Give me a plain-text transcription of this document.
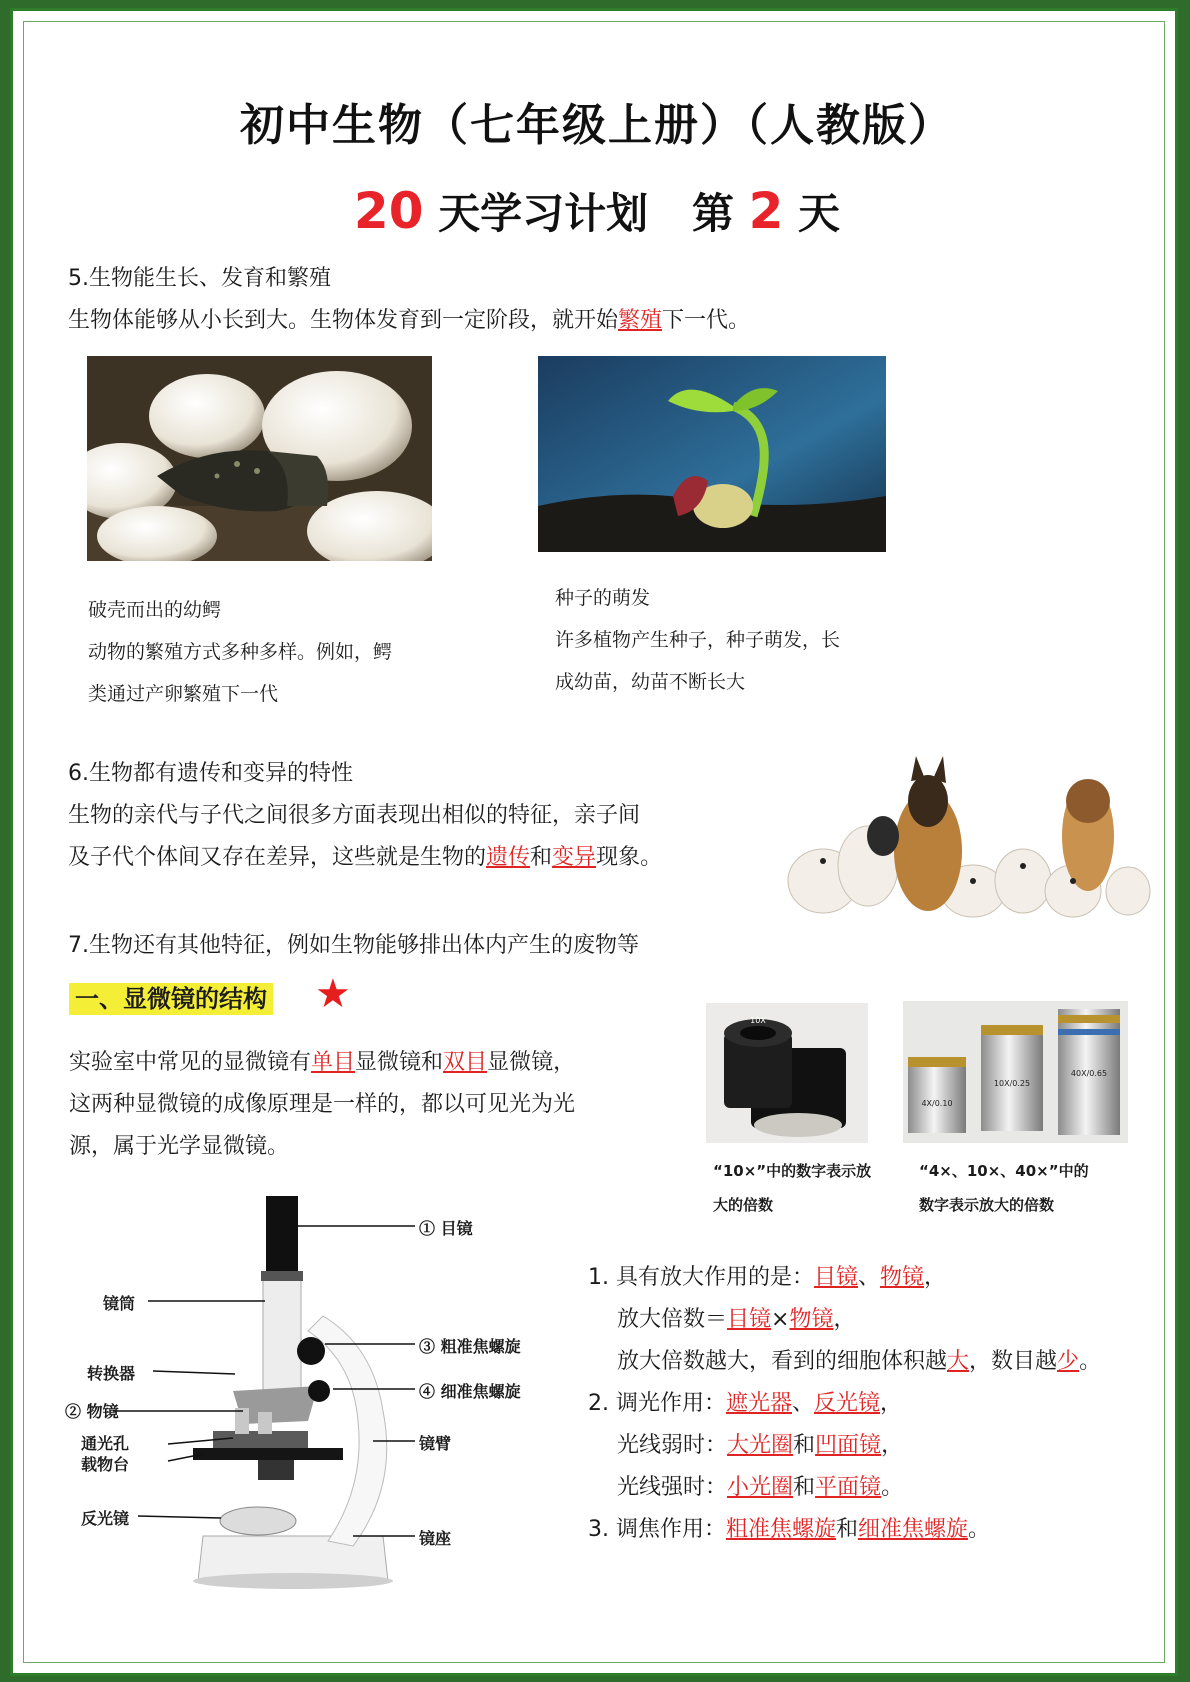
初中生物（七年级上册）（人教版）
20 天学习计划   第 2 天
5.生物能生长、发育和繁殖
生物体能够从小长到大。生物体发育到一定阶段，就开始繁殖下一代。
破壳而出的幼鳄
动物的繁殖方式多种多样。例如，鳄
类通过产卵繁殖下一代
种子的萌发
许多植物产生种子，种子萌发，长
成幼苗，幼苗不断长大
6.生物都有遗传和变异的特性
生物的亲代与子代之间很多方面表现出相似的特征，亲子间
及子代个体间又存在差异，这些就是生物的遗传和变异现象。
7.生物还有其他特征，例如生物能够排出体内产生的废物等
一、显微镜的结构 ★
实验室中常见的显微镜有单目显微镜和双目显微镜，
这两种显微镜的成像原理是一样的，都以可见光为光
源，属于光学显微镜。
10X
“10×”中的数字表示放
大的倍数
4X/0.10
10X/0.25
40X/0.65
“4×、10×、40×”中的
数字表示放大的倍数
① 目镜
镜筒
③ 粗准焦螺旋
④ 细准焦螺旋
转换器
② 物镜
通光孔
载物台
镜臂
反光镜
镜座
1. 具有放大作用的是：目镜、物镜，
放大倍数＝目镜×物镜，
放大倍数越大，看到的细胞体积越大，数目越少。
2. 调光作用：遮光器、反光镜，
光线弱时：大光圈和凹面镜，
光线强时：小光圈和平面镜。
3. 调焦作用：粗准焦螺旋和细准焦螺旋。
